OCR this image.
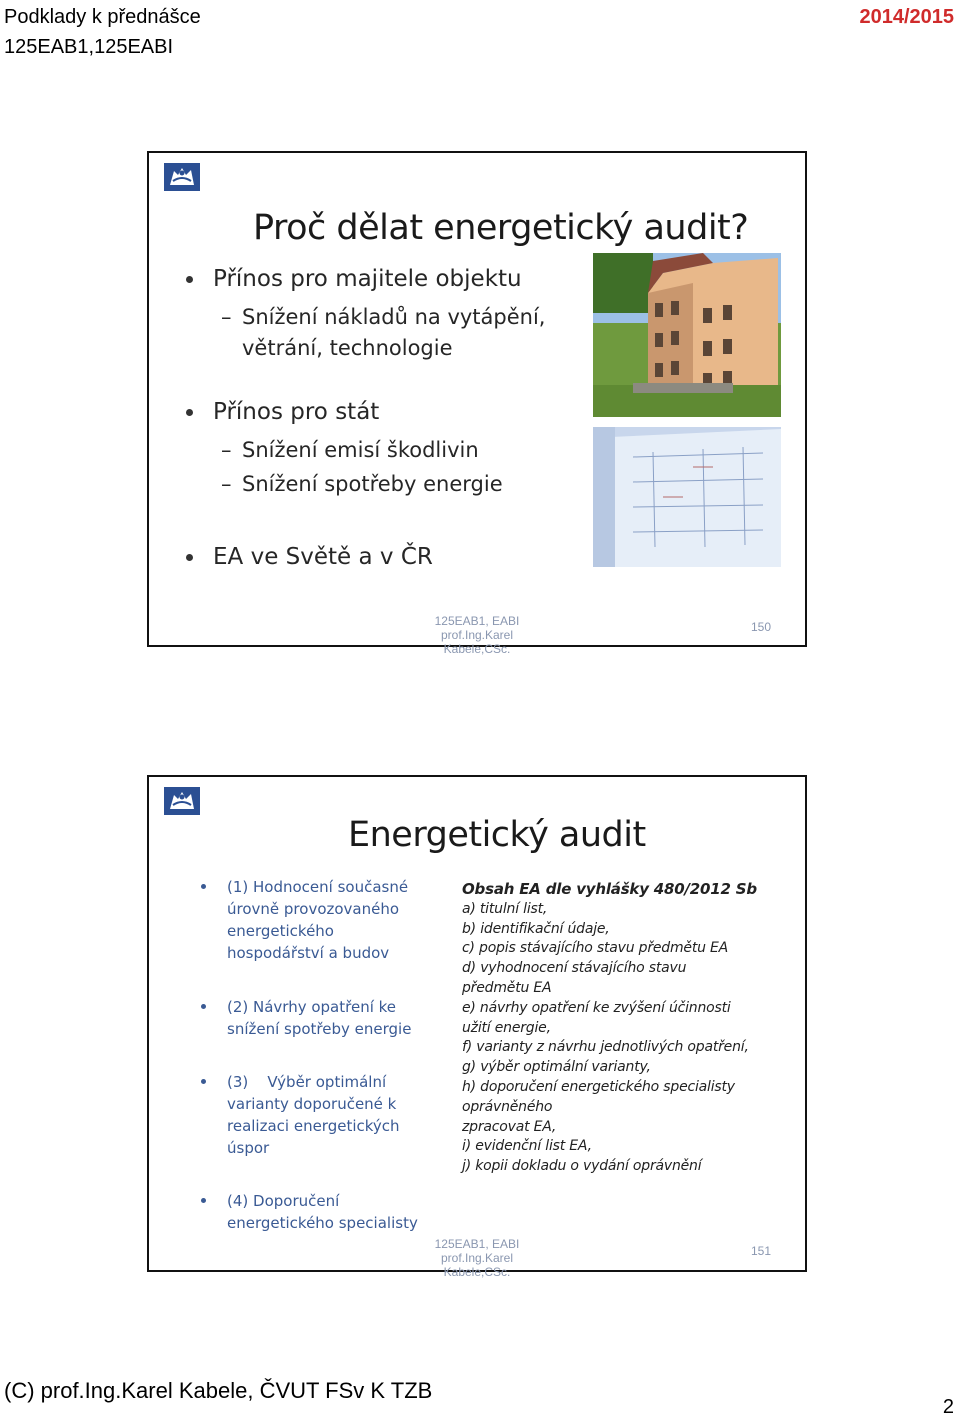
Podklady k přednášce
125EAB1,125EABI
2014/2015
Proč dělat energetický audit?
Přínos pro majitele objektu
– Snížení nákladů na vytápění,
větrání, technologie
Přínos pro stát
– Snížení emisí škodlivin
– Snížení spotřeby energie
EA ve Světě a v ČR
125EAB1, EABI prof.Ing.Karel
Kabele,CSc.
150
Energetický audit
(1) Hodnocení současné
úrovně provozovaného
energetického
hospodářství a budov
(2) Návrhy opatření ke
snížení spotřeby energie
(3)    Výběr optimální
varianty doporučené k
realizaci energetických
úspor
(4) Doporučení
energetického specialisty
Obsah EA dle vyhlášky 480/2012 Sb
a) titulní list,
b) identifikační údaje,
c) popis stávajícího stavu předmětu EA
d) vyhodnocení stávajícího stavu
předmětu EA
e) návrhy opatření ke zvýšení účinnosti
užití energie,
f) varianty z návrhu jednotlivých opatření,
g) výběr optimální varianty,
h) doporučení energetického specialisty
oprávněného
zpracovat EA,
i) evidenční list EA,
j) kopii dokladu o vydání oprávnění
125EAB1, EABI prof.Ing.Karel
Kabele,CSc.
151
(C) prof.Ing.Karel Kabele, ČVUT FSv K TZB
2
